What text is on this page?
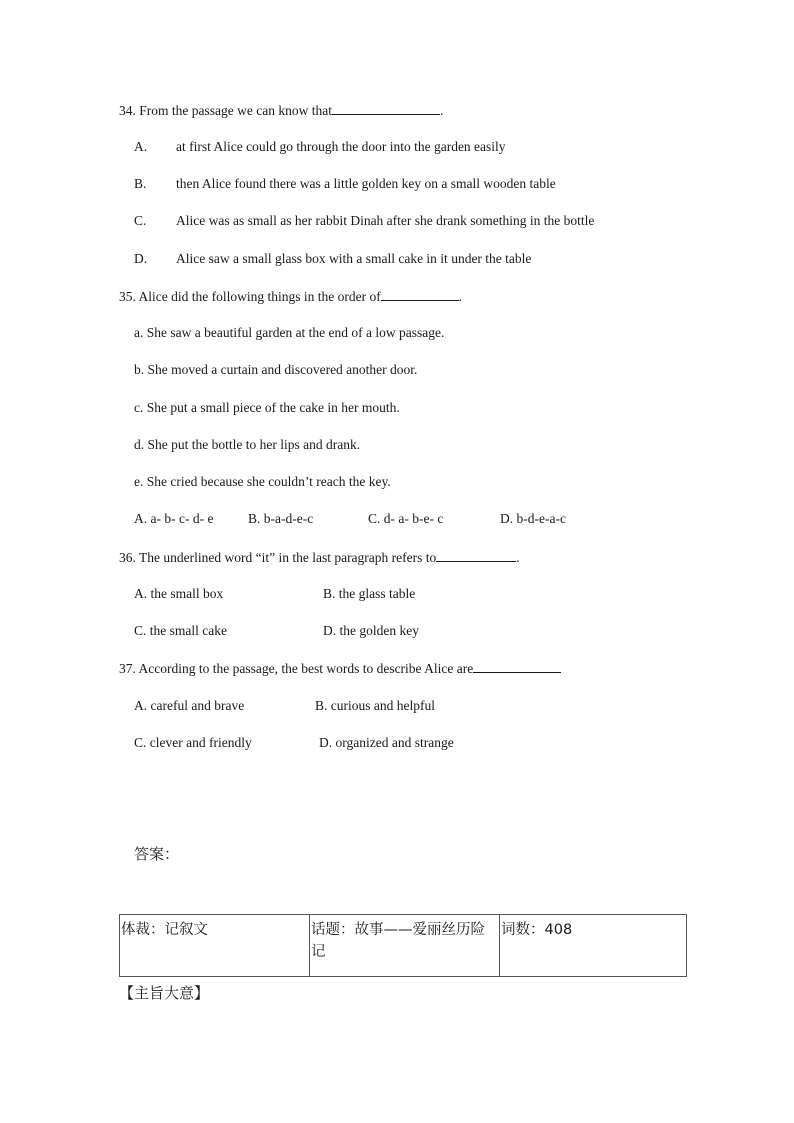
34. From the passage we can know that	.
A. at first Alice could go through the door into the garden easily
B. then Alice found there was a little golden key on a small wooden table
C. Alice was as small as her rabbit Dinah after she drank something in the bottle
D. Alice saw a small glass box with a small cake in it under the table
35. Alice did the following things in the order of	.
a. She saw a beautiful garden at the end of a low passage.
b. She moved a curtain and discovered another door.
c. She put a small piece of the cake in her mouth.
d. She put the bottle to her lips and drank.
e. She cried because she couldn’t reach the key.
A. a- b- c- d- e	B. b-a-d-e-c	C. d- a- b-e- c	D. b-d-e-a-c
36. The underlined word “it” in the last paragraph refers to	.
A. the small box	B. the glass table
C. the small cake	D. the golden key
37. According to the passage, the best words to describe Alice are
A. careful and brave	B. curious and helpful
C. clever and friendly	D. organized and strange
答案：
体裁：记叙文	话题：故事——爱丽丝历险记	词数：408
【主旨大意】
